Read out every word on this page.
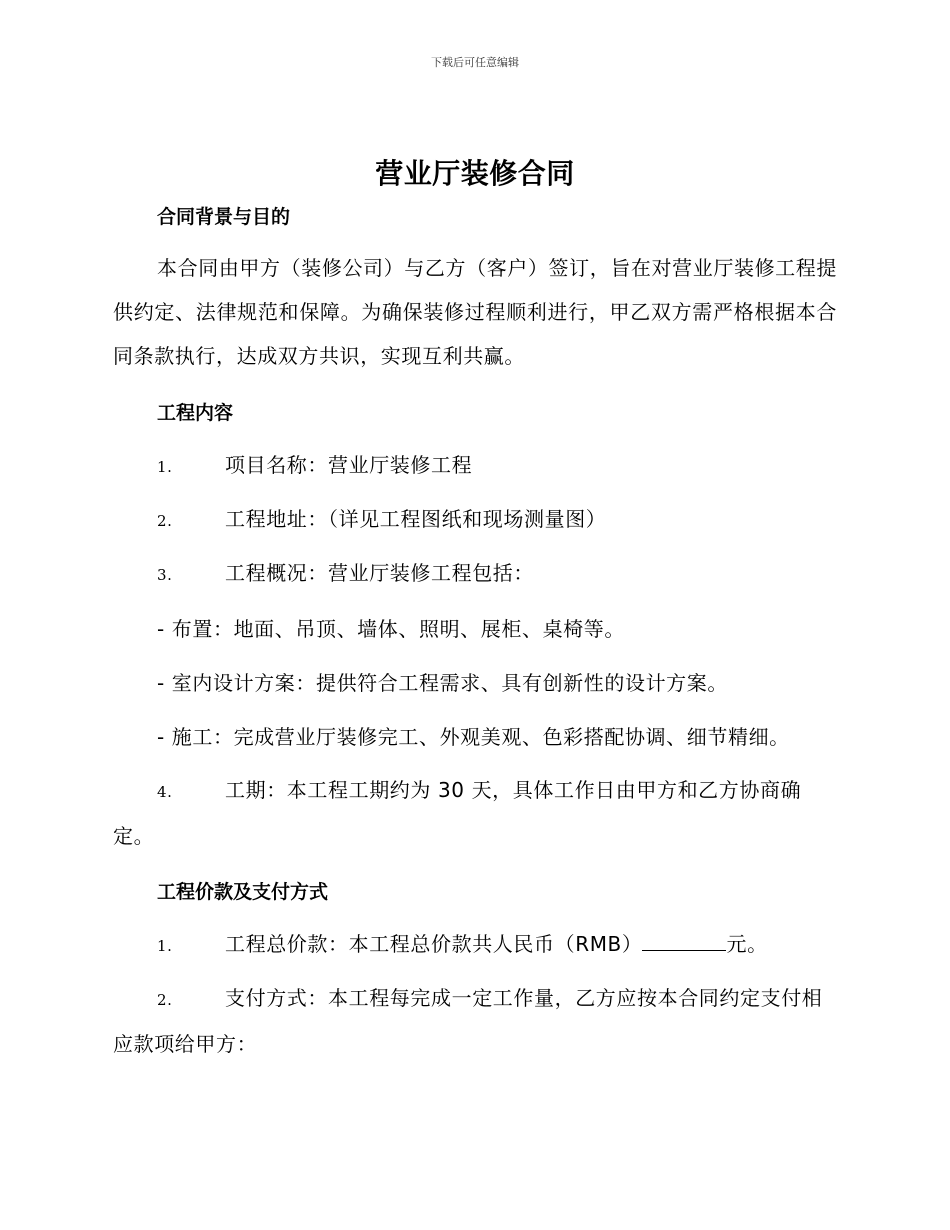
下载后可任意编辑
营业厅装修合同
合同背景与目的
本合同由甲方（装修公司）与乙方（客户）签订，旨在对营业厅装修工程提供约定、法律规范和保障。为确保装修过程顺利进行，甲乙双方需严格根据本合同条款执行，达成双方共识，实现互利共赢。
工程内容
1.	项目名称：营业厅装修工程
2.	工程地址：（详见工程图纸和现场测量图）
3.	工程概况：营业厅装修工程包括：
- 布置：地面、吊顶、墙体、照明、展柜、桌椅等。
- 室内设计方案：提供符合工程需求、具有创新性的设计方案。
- 施工：完成营业厅装修完工、外观美观、色彩搭配协调、细节精细。
4.	工期：本工程工期约为 30 天，具体工作日由甲方和乙方协商确定。
工程价款及支付方式
1.	工程总价款：本工程总价款共人民币（RMB）	元。
2.	支付方式：本工程每完成一定工作量，乙方应按本合同约定支付相应款项给甲方：
